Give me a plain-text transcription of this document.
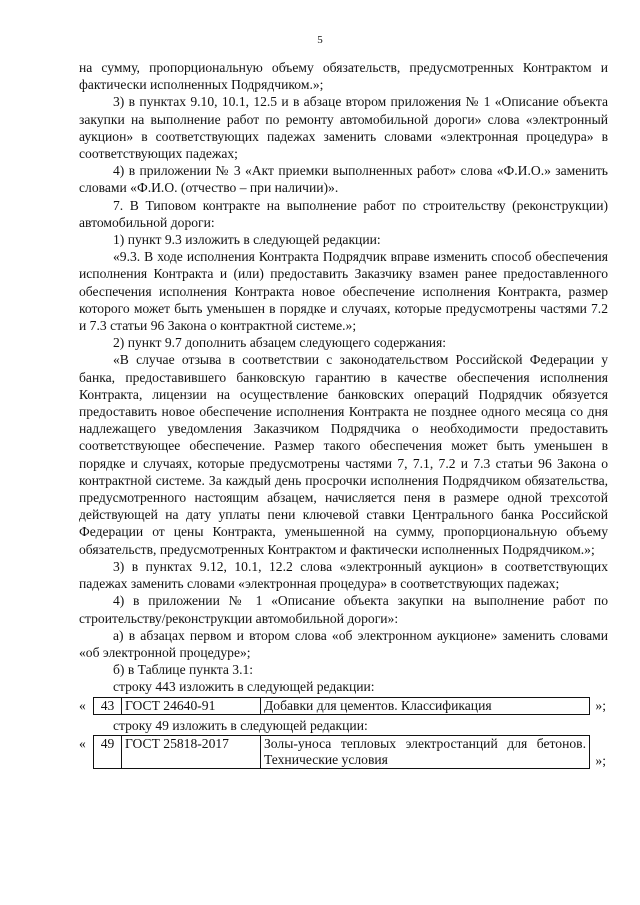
5

на сумму, пропорциональную объему обязательств, предусмотренных Контрактом и фактически исполненных Подрядчиком.»;

3) в пунктах 9.10, 10.1, 12.5 и в абзаце втором приложения № 1 «Описание объекта закупки на выполнение работ по ремонту автомобильной дороги» слова «электронный аукцион» в соответствующих падежах заменить словами «электронная процедура» в соответствующих падежах;

4) в приложении № 3 «Акт приемки выполненных работ» слова «Ф.И.О.» заменить словами «Ф.И.О. (отчество – при наличии)».

7. В Типовом контракте на выполнение работ по строительству (реконструкции) автомобильной дороги:

1) пункт 9.3 изложить в следующей редакции:

«9.3. В ходе исполнения Контракта Подрядчик вправе изменить способ обеспечения исполнения Контракта и (или) предоставить Заказчику взамен ранее предоставленного обеспечения исполнения Контракта новое обеспечение исполнения Контракта, размер которого может быть уменьшен в порядке и случаях, которые предусмотрены частями 7.2 и 7.3 статьи 96 Закона о контрактной системе.»;

2) пункт 9.7 дополнить абзацем следующего содержания:

«В случае отзыва в соответствии с законодательством Российской Федерации у банка, предоставившего банковскую гарантию в качестве обеспечения исполнения Контракта, лицензии на осуществление банковских операций Подрядчик обязуется предоставить новое обеспечение исполнения Контракта не позднее одного месяца со дня надлежащего уведомления Заказчиком Подрядчика о необходимости предоставить соответствующее обеспечение. Размер такого обеспечения может быть уменьшен в порядке и случаях, которые предусмотрены частями 7, 7.1, 7.2 и 7.3 статьи 96 Закона о контрактной системе. За каждый день просрочки исполнения Подрядчиком обязательства, предусмотренного настоящим абзацем, начисляется пеня в размере одной трехсотой действующей на дату уплаты пени ключевой ставки Центрального банка Российской Федерации от цены Контракта, уменьшенной на сумму, пропорциональную объему обязательств, предусмотренных Контрактом и фактически исполненных Подрядчиком.»;

3) в пунктах 9.12, 10.1, 12.2 слова «электронный аукцион» в соответствующих падежах заменить словами «электронная процедура» в соответствующих падежах;

4) в приложении № 1 «Описание объекта закупки на выполнение работ по строительству/реконструкции автомобильной дороги»:

а) в абзацах первом и втором слова «об электронном аукционе» заменить словами «об электронной процедуре»;

б) в Таблице пункта 3.1:

строку 443 изложить в следующей редакции:

«	43	ГОСТ 24640-91	Добавки для цементов. Классификация	»;

строку 49 изложить в следующей редакции:

«	49	ГОСТ 25818-2017	Золы-уноса тепловых электростанций для бетонов. Технические условия	»;
